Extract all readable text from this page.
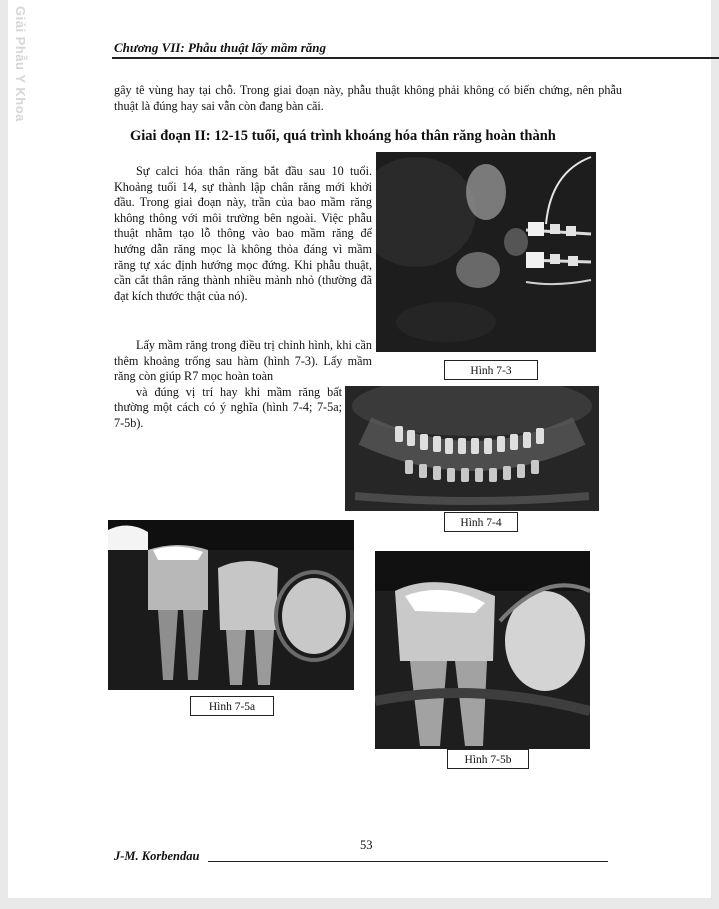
Giải Phẫu Y Khoa	Chương VII: Phẫu thuật lấy mầm răng

gây tê vùng hay tại chỗ. Trong giai đoạn này, phẫu thuật không phải không có biến chứng, nên phẫu thuật là đúng hay sai vẫn còn đang bàn cãi.

Giai đoạn II: 12-15 tuổi, quá trình khoáng hóa thân răng hoàn thành

Sự calci hóa thân răng bắt đầu sau 10 tuổi. Khoảng tuổi 14, sự thành lập chân răng mới khởi đầu. Trong giai đoạn này, trần của bao mầm răng không thông với môi trường bên ngoài. Việc phẫu thuật nhằm tạo lỗ thông vào bao mầm răng để hướng dẫn răng mọc là không thỏa đáng vì mầm răng tự xác định hướng mọc đứng. Khi phẫu thuật, cần cắt thân răng thành nhiều mảnh nhỏ (thường đã đạt kích thước thật của nó).

Lấy mầm răng trong điều trị chỉnh hình, khi cần thêm khoảng trống sau hàm (hình 7-3). Lấy mầm răng còn giúp R7 mọc hoàn toàn
và đúng vị trí hay khi mầm răng bất thường một cách có ý nghĩa (hình 7-4; 7-5a; 7-5b).

Hình 7-3
Hình 7-4
Hình 7-5a
Hình 7-5b
53
J-M. Korbendau
